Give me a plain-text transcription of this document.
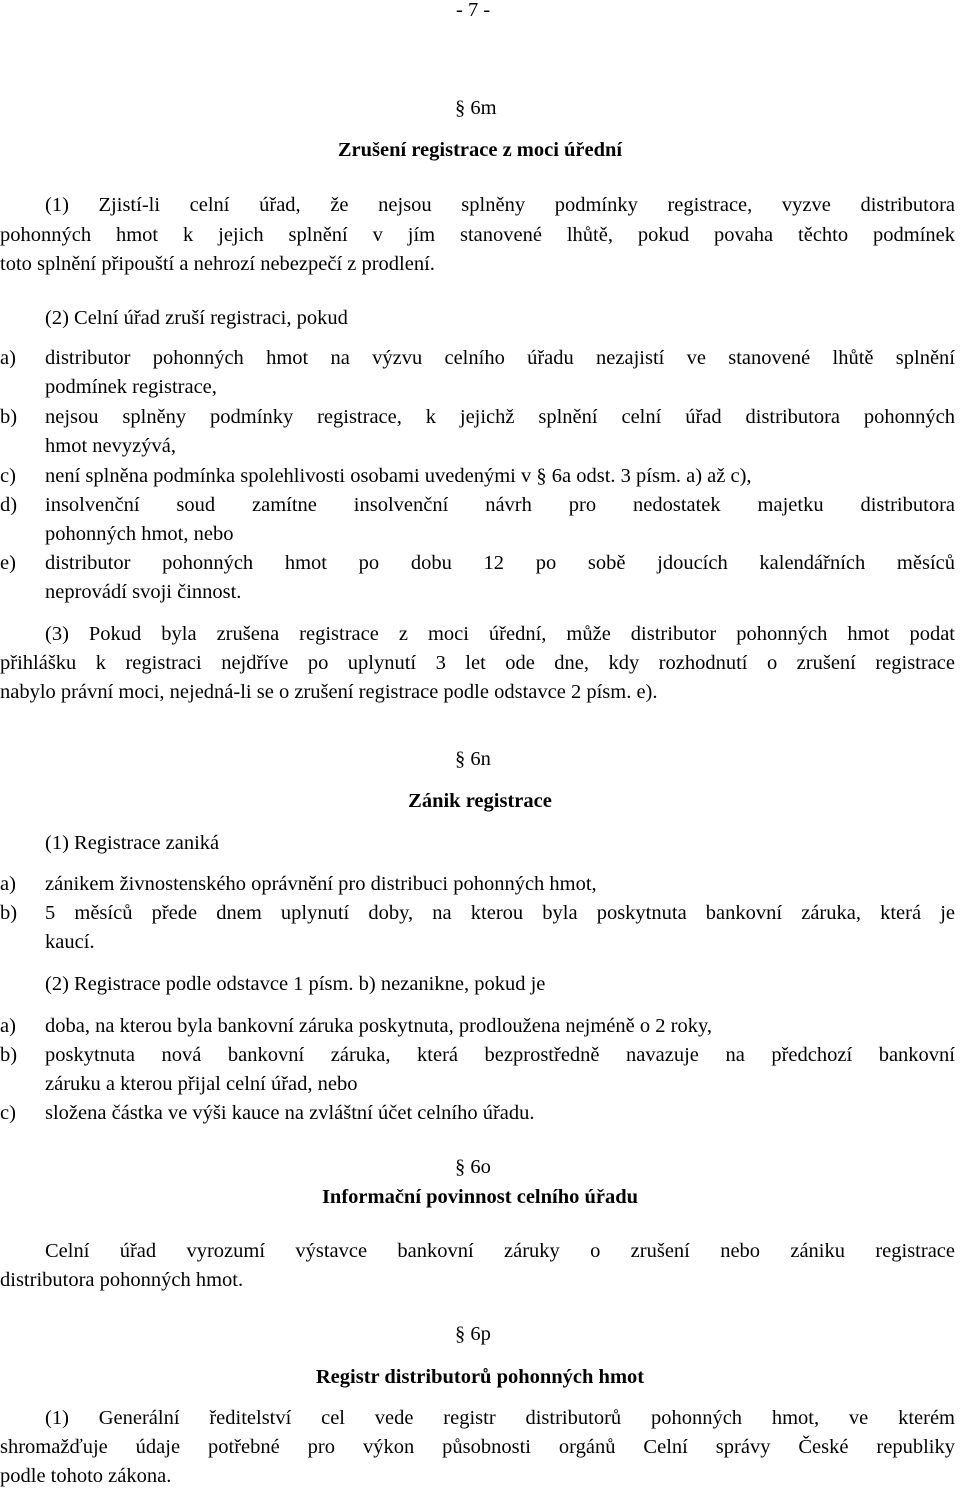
- 7 -
§ 6m
Zrušení registrace z moci úřední
(1) Zjistí-li celní úřad, že nejsou splněny podmínky registrace, vyzve distributora
pohonných hmot k jejich splnění v jím stanovené lhůtě, pokud povaha těchto podmínek
toto splnění připouští a nehrozí nebezpečí z prodlení.
(2) Celní úřad zruší registraci, pokud
a) distributor pohonných hmot na výzvu celního úřadu nezajistí ve stanovené lhůtě splnění
podmínek registrace,
b) nejsou splněny podmínky registrace, k jejichž splnění celní úřad distributora pohonných
hmot nevyzývá,
c) není splněna podmínka spolehlivosti osobami uvedenými v § 6a odst. 3 písm. a) až c),
d) insolvenční soud zamítne insolvenční návrh pro nedostatek majetku distributora
pohonných hmot, nebo
e) distributor pohonných hmot po dobu 12 po sobě jdoucích kalendářních měsíců
neprovádí svoji činnost.
(3) Pokud byla zrušena registrace z moci úřední, může distributor pohonných hmot podat
přihlášku k registraci nejdříve po uplynutí 3 let ode dne, kdy rozhodnutí o zrušení registrace
nabylo právní moci, nejedná-li se o zrušení registrace podle odstavce 2 písm. e).
§ 6n
Zánik registrace
(1) Registrace zaniká
a) zánikem živnostenského oprávnění pro distribuci pohonných hmot,
b) 5 měsíců přede dnem uplynutí doby, na kterou byla poskytnuta bankovní záruka, která je
kaucí.
(2) Registrace podle odstavce 1 písm. b) nezanikne, pokud je
a) doba, na kterou byla bankovní záruka poskytnuta, prodloužena nejméně o 2 roky,
b) poskytnuta nová bankovní záruka, která bezprostředně navazuje na předchozí bankovní
záruku a kterou přijal celní úřad, nebo
c) složena částka ve výši kauce na zvláštní účet celního úřadu.
§ 6o
Informační povinnost celního úřadu
Celní úřad vyrozumí výstavce bankovní záruky o zrušení nebo zániku registrace
distributora pohonných hmot.
§ 6p
Registr distributorů pohonných hmot
(1) Generální ředitelství cel vede registr distributorů pohonných hmot, ve kterém
shromažďuje údaje potřebné pro výkon působnosti orgánů Celní správy České republiky
podle tohoto zákona.
